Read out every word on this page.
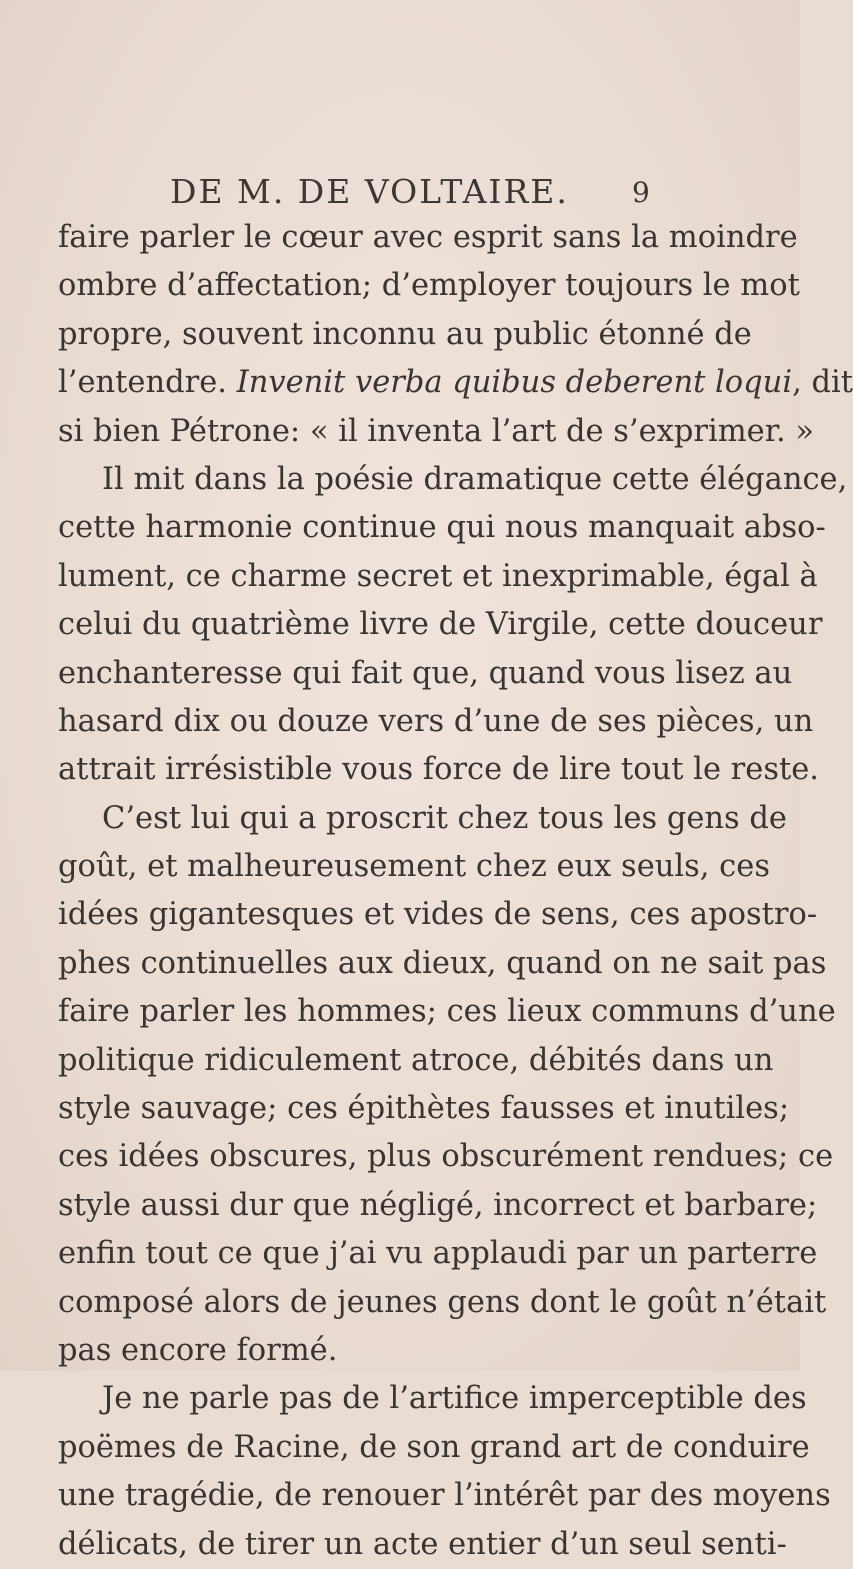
DE M. DE VOLTAIRE. 9
faire parler le cœur avec esprit sans la moindre
ombre d’affectation; d’employer toujours le mot
propre, souvent inconnu au public étonné de
l’entendre. Invenit verba quibus deberent loqui, dit
si bien Pétrone: « il inventa l’art de s’exprimer. »
Il mit dans la poésie dramatique cette élégance,
cette harmonie continue qui nous manquait abso-
lument, ce charme secret et inexprimable, égal à
celui du quatrième livre de Virgile, cette douceur
enchanteresse qui fait que, quand vous lisez au
hasard dix ou douze vers d’une de ses pièces, un
attrait irrésistible vous force de lire tout le reste.
C’est lui qui a proscrit chez tous les gens de
goût, et malheureusement chez eux seuls, ces
idées gigantesques et vides de sens, ces apostro-
phes continuelles aux dieux, quand on ne sait pas
faire parler les hommes; ces lieux communs d’une
politique ridiculement atroce, débités dans un
style sauvage; ces épithètes fausses et inutiles;
ces idées obscures, plus obscurément rendues; ce
style aussi dur que négligé, incorrect et barbare;
enfin tout ce que j’ai vu applaudi par un parterre
composé alors de jeunes gens dont le goût n’était
pas encore formé.
Je ne parle pas de l’artifice imperceptible des
poëmes de Racine, de son grand art de conduire
une tragédie, de renouer l’intérêt par des moyens
délicats, de tirer un acte entier d’un seul senti-
